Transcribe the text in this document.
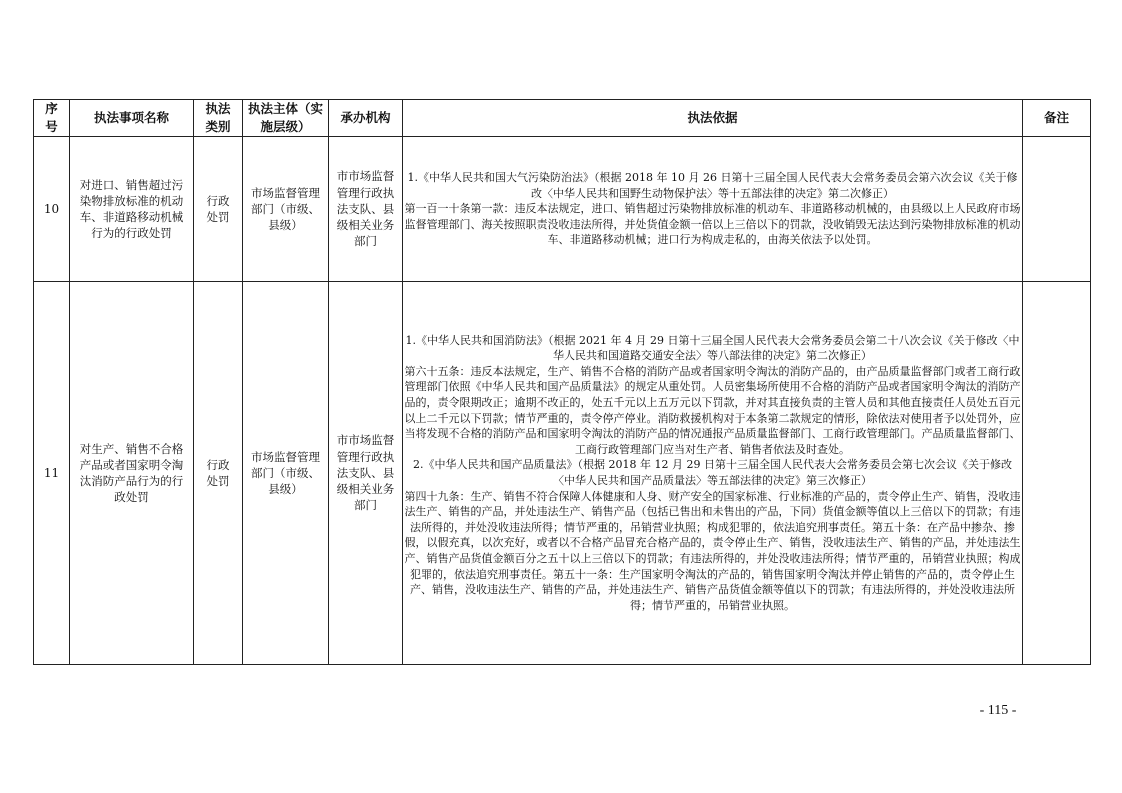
序号	执法事项名称	执法类别	执法主体（实施层级）	承办机构	执法依据	备注
10	对进口、销售超过污染物排放标准的机动车、非道路移动机械行为的行政处罚	行政处罚	市场监督管理部门（市级、县级）	市市场监督管理行政执法支队、县级相关业务部门	1.《中华人民共和国大气污染防治法》（根据 2018 年 10 月 26 日第十三届全国人民代表大会常务委员会第六次会议《关于修改〈中华人民共和国野生动物保护法〉等十五部法律的决定》第二次修正）

第一百一十条第一款：违反本法规定，进口、销售超过污染物排放标准的机动车、非道路移动机械的，由县级以上人民政府市场监督管理部门、海关按照职责没收违法所得，并处货值金额一倍以上三倍以下的罚款，没收销毁无法达到污染物排放标准的机动车、非道路移动机械；进口行为构成走私的，由海关依法予以处罚。	

11	对生产、销售不合格产品或者国家明令淘汰消防产品行为的行政处罚	行政处罚	市场监督管理部门（市级、县级）	市市场监督管理行政执法支队、县级相关业务部门	1.《中华人民共和国消防法》（根据 2021 年 4 月 29 日第十三届全国人民代表大会常务委员会第二十八次会议《关于修改〈中华人民共和国道路交通安全法〉等八部法律的决定》第二次修正）

第六十五条：违反本法规定，生产、销售不合格的消防产品或者国家明令淘汰的消防产品的，由产品质量监督部门或者工商行政管理部门依照《中华人民共和国产品质量法》的规定从重处罚。人员密集场所使用不合格的消防产品或者国家明令淘汰的消防产品的，责令限期改正；逾期不改正的，处五千元以上五万元以下罚款，并对其直接负责的主管人员和其他直接责任人员处五百元以上二千元以下罚款；情节严重的，责令停产停业。消防救援机构对于本条第二款规定的情形，除依法对使用者予以处罚外，应当将发现不合格的消防产品和国家明令淘汰的消防产品的情况通报产品质量监督部门、工商行政管理部门。产品质量监督部门、工商行政管理部门应当对生产者、销售者依法及时查处。

2.《中华人民共和国产品质量法》（根据 2018 年 12 月 29 日第十三届全国人民代表大会常务委员会第七次会议《关于修改〈中华人民共和国产品质量法〉等五部法律的决定》第三次修正）

第四十九条：生产、销售不符合保障人体健康和人身、财产安全的国家标准、行业标准的产品的，责令停止生产、销售，没收违法生产、销售的产品，并处违法生产、销售产品（包括已售出和未售出的产品，下同）货值金额等值以上三倍以下的罚款；有违法所得的，并处没收违法所得；情节严重的，吊销营业执照；构成犯罪的，依法追究刑事责任。第五十条：在产品中掺杂、掺假，以假充真，以次充好，或者以不合格产品冒充合格产品的，责令停止生产、销售，没收违法生产、销售的产品，并处违法生产、销售产品货值金额百分之五十以上三倍以下的罚款；有违法所得的，并处没收违法所得；情节严重的，吊销营业执照；构成犯罪的，依法追究刑事责任。第五十一条：生产国家明令淘汰的产品的，销售国家明令淘汰并停止销售的产品的，责令停止生产、销售，没收违法生产、销售的产品，并处违法生产、销售产品货值金额等值以下的罚款；有违法所得的，并处没收违法所得；情节严重的，吊销营业执照。	

- 115 -
